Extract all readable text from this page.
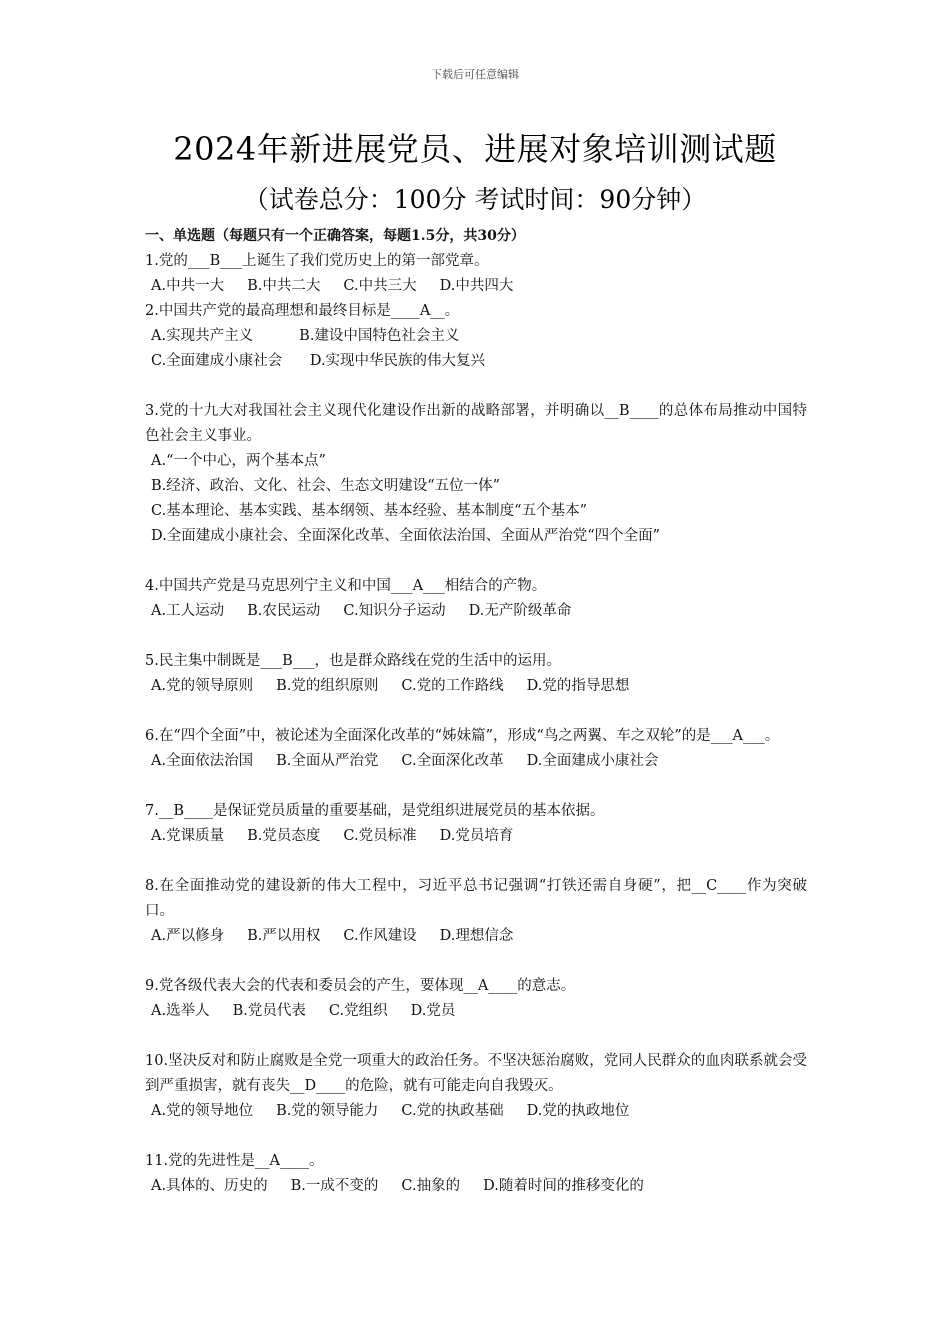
下载后可任意编辑
2024年新进展党员、进展对象培训测试题
（试卷总分：100分 考试时间：90分钟）
一、单选题（每题只有一个正确答案，每题1.5分，共30分）
1.党的___B___上诞生了我们党历史上的第一部党章。
A.中共一大     B.中共二大     C.中共三大     D.中共四大
2.中国共产党的最高理想和最终目标是____A__。
A.实现共产主义          B.建设中国特色社会主义
C.全面建成小康社会      D.实现中华民族的伟大复兴
3.党的十九大对我国社会主义现代化建设作出新的战略部署，并明确以__B____的总体布局推动中国特色社会主义事业。
A.“一个中心，两个基本点”
B.经济、政治、文化、社会、生态文明建设“五位一体”
C.基本理论、基本实践、基本纲领、基本经验、基本制度“五个基本”
D.全面建成小康社会、全面深化改革、全面依法治国、全面从严治党“四个全面”
4.中国共产党是马克思列宁主义和中国___A___相结合的产物。
A.工人运动     B.农民运动     C.知识分子运动     D.无产阶级革命
5.民主集中制既是___B___，也是群众路线在党的生活中的运用。
A.党的领导原则     B.党的组织原则     C.党的工作路线     D.党的指导思想
6.在“四个全面”中，被论述为全面深化改革的“姊妹篇”，形成“鸟之两翼、车之双轮”的是___A___。
A.全面依法治国     B.全面从严治党     C.全面深化改革     D.全面建成小康社会
7.__B____是保证党员质量的重要基础，是党组织进展党员的基本依据。
A.党课质量     B.党员态度     C.党员标准     D.党员培育
8.在全面推动党的建设新的伟大工程中，习近平总书记强调“打铁还需自身硬”，把__C____作为突破口。
A.严以修身     B.严以用权     C.作风建设     D.理想信念
9.党各级代表大会的代表和委员会的产生，要体现__A____的意志。
A.选举人     B.党员代表     C.党组织     D.党员
10.坚决反对和防止腐败是全党一项重大的政治任务。不坚决惩治腐败，党同人民群众的血肉联系就会受到严重损害，就有丧失__D____的危险，就有可能走向自我毁灭。
A.党的领导地位     B.党的领导能力     C.党的执政基础     D.党的执政地位
11.党的先进性是__A____。
A.具体的、历史的     B.一成不变的     C.抽象的     D.随着时间的推移变化的
